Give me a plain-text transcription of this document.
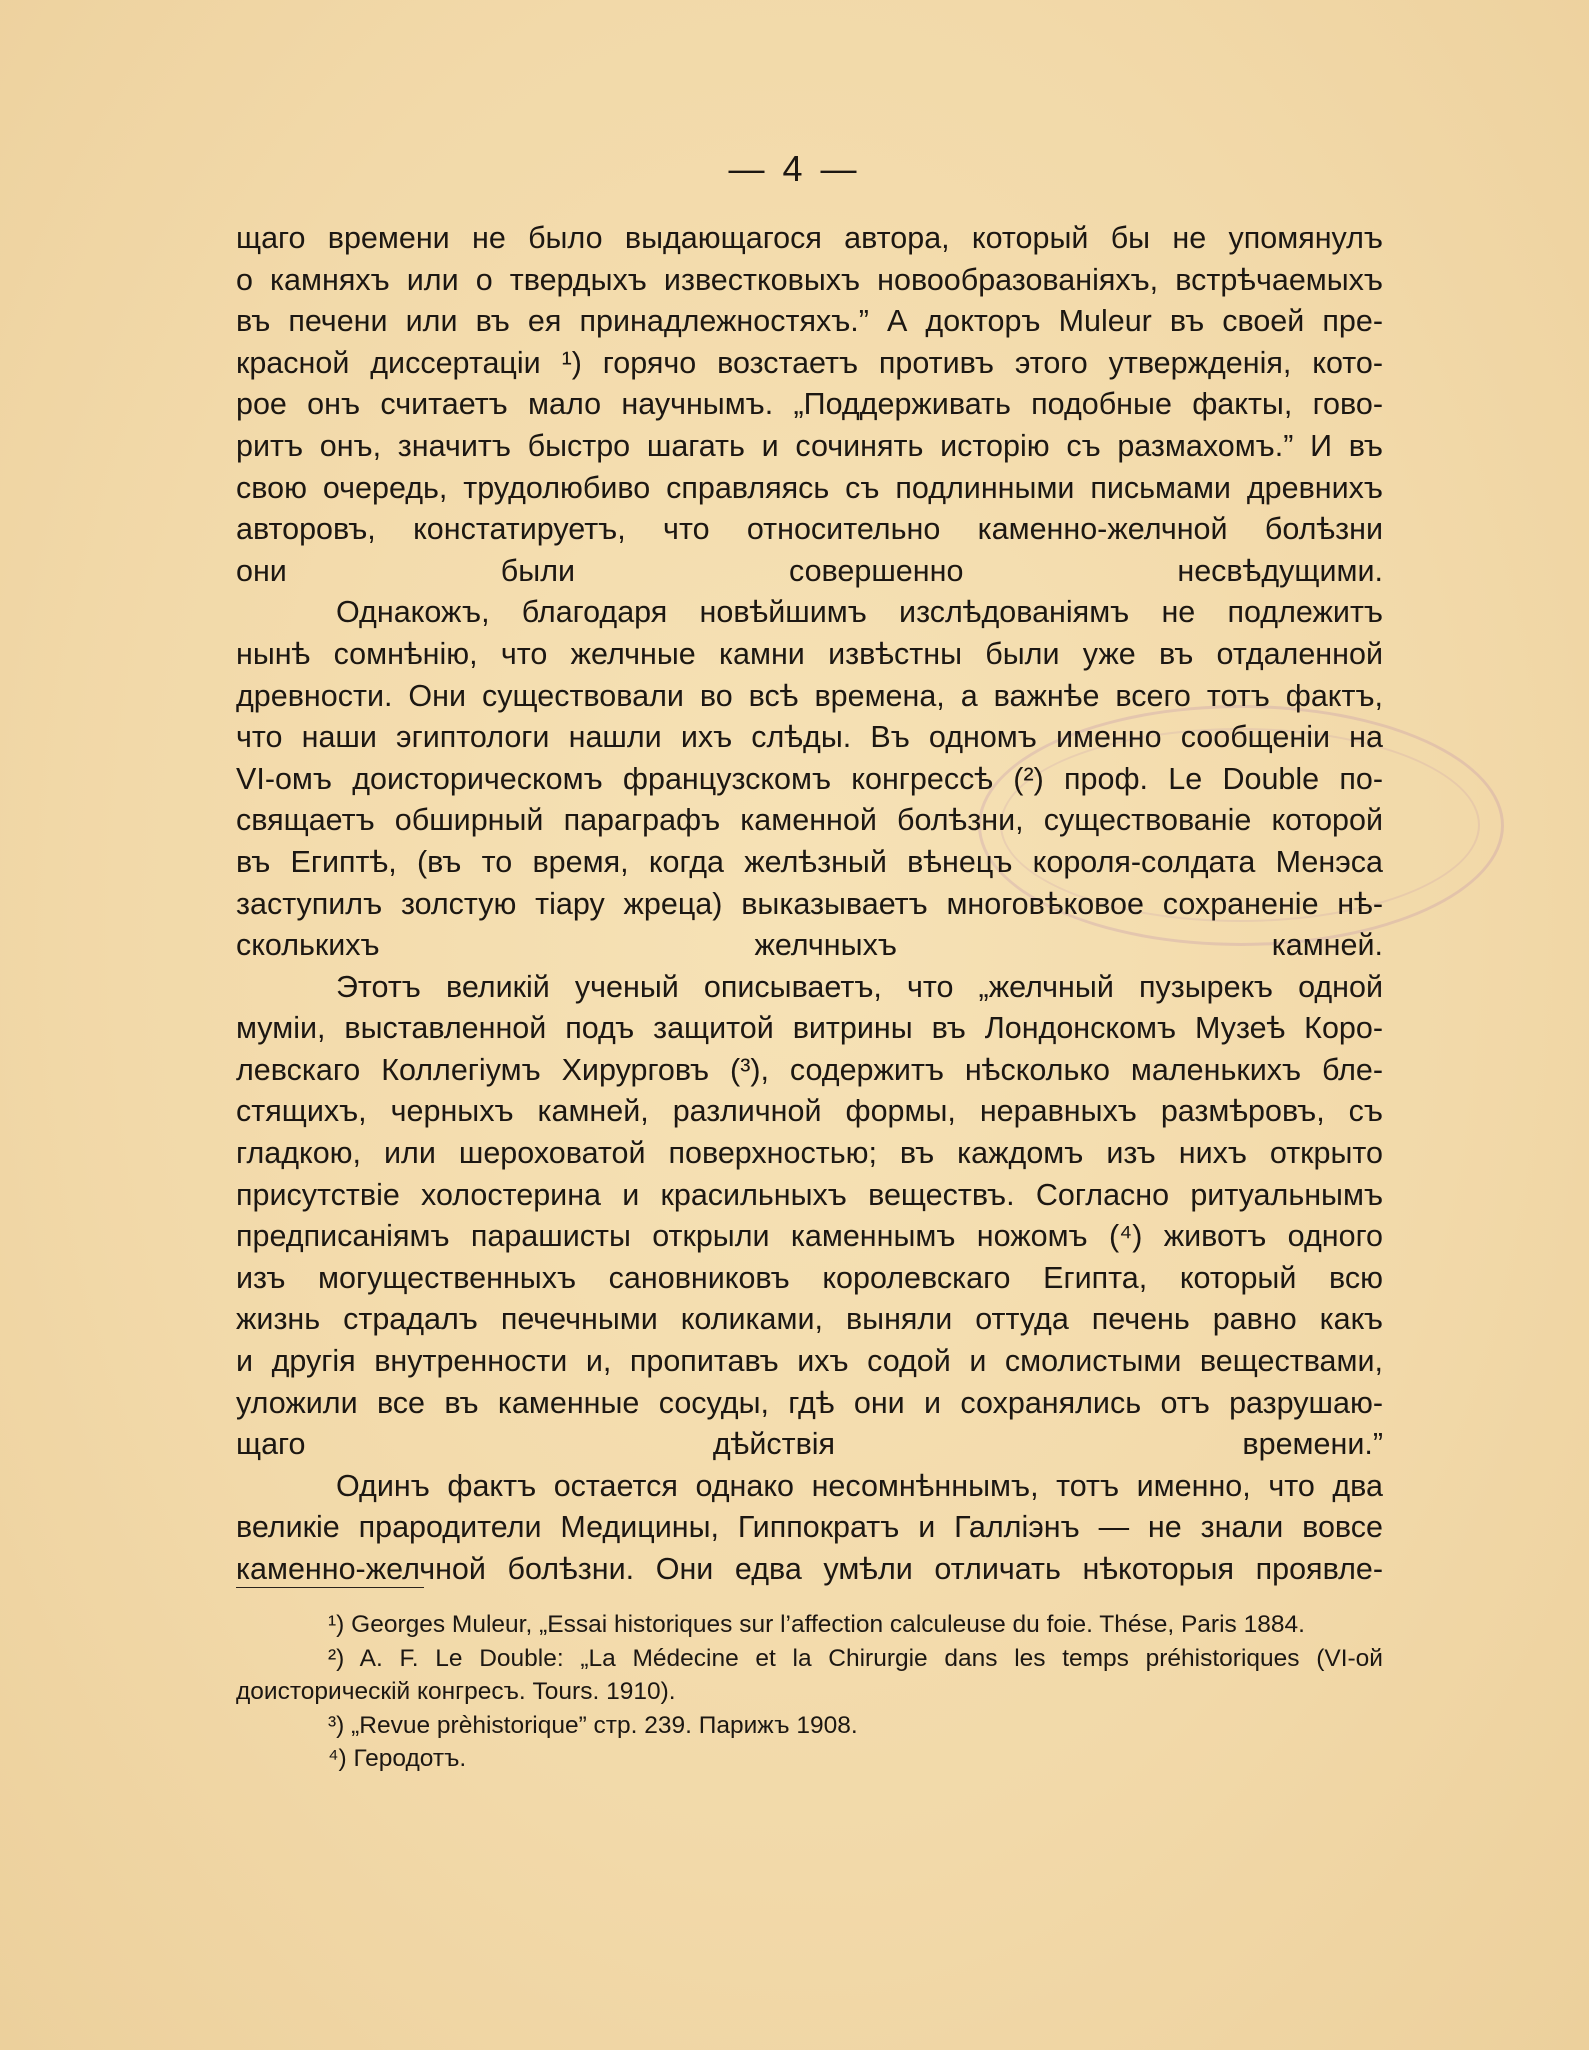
— 4 —

щаго времени не было выдающагося автора, который бы не упомянулъ
о камняхъ или о твердыхъ известковыхъ новообразованіяхъ, встрѣчаемыхъ
въ печени или въ ея принадлежностяхъ.” А докторъ Muleur въ своей пре-
красной диссертаціи ¹) горячо возстаетъ противъ этого утвержденія, кото-
рое онъ считаетъ мало научнымъ. „Поддерживать подобные факты, гово-
ритъ онъ, значитъ быстро шагать и сочинять исторію съ размахомъ.” И въ
свою очередь, трудолюбиво справляясь съ подлинными письмами древнихъ
авторовъ, констатируетъ, что относительно каменно-желчной болѣзни
они были совершенно несвѣдущими.

Однакожъ, благодаря новѣйшимъ изслѣдованіямъ не подлежитъ
нынѣ сомнѣнію, что желчные камни извѣстны были уже въ отдаленной
древности. Они существовали во всѣ времена, а важнѣе всего тотъ фактъ,
что наши эгиптологи нашли ихъ слѣды. Въ одномъ именно сообщеніи на
VI-омъ доисторическомъ французскомъ конгрессѣ (²) проф. Le Double по-
свящаетъ обширный параграфъ каменной болѣзни, существованіе которой
въ Египтѣ, (въ то время, когда желѣзный вѣнецъ короля-солдата Менэса
заступилъ золстую тіару жреца) выказываетъ многовѣковое сохраненіе нѣ-
сколькихъ желчныхъ камней.

Этотъ великій ученый описываетъ, что „желчный пузырекъ одной
муміи, выставленной подъ защитой витрины въ Лондонскомъ Музеѣ Коро-
левскаго Коллегіумъ Хирурговъ (³), содержитъ нѣсколько маленькихъ бле-
стящихъ, черныхъ камней, различной формы, неравныхъ размѣровъ, съ
гладкою, или шероховатой поверхностью; въ каждомъ изъ нихъ открыто
присутствіе холостерина и красильныхъ веществъ. Согласно ритуальнымъ
предписаніямъ парашисты открыли каменнымъ ножомъ (⁴) животъ одного
изъ могущественныхъ сановниковъ королевскаго Египта, который всю
жизнь страдалъ печечными коликами, выняли оттуда печень равно какъ
и другія внутренности и, пропитавъ ихъ содой и смолистыми веществами,
уложили все въ каменные сосуды, гдѣ они и сохранялись отъ разрушаю-
щаго дѣйствія времени.”

Одинъ фактъ остается однако несомнѣннымъ, тотъ именно, что два
великіе прародители Медицины, Гиппократъ и Галліэнъ — не знали вовсе
каменно-желчной болѣзни. Они едва умѣли отличать нѣкоторыя проявле-

¹) Georges Muleur, „Essai historiques sur l’affection calculeuse du foie. Thése, Paris 1884.

²) A. F. Le Double: „La Médecine et la Chirurgie dans les temps préhistoriques (VI-ой доисторическій конгресъ. Tours. 1910).

³) „Revue prèhistorique” стр. 239. Парижъ 1908.

⁴) Геродотъ.
